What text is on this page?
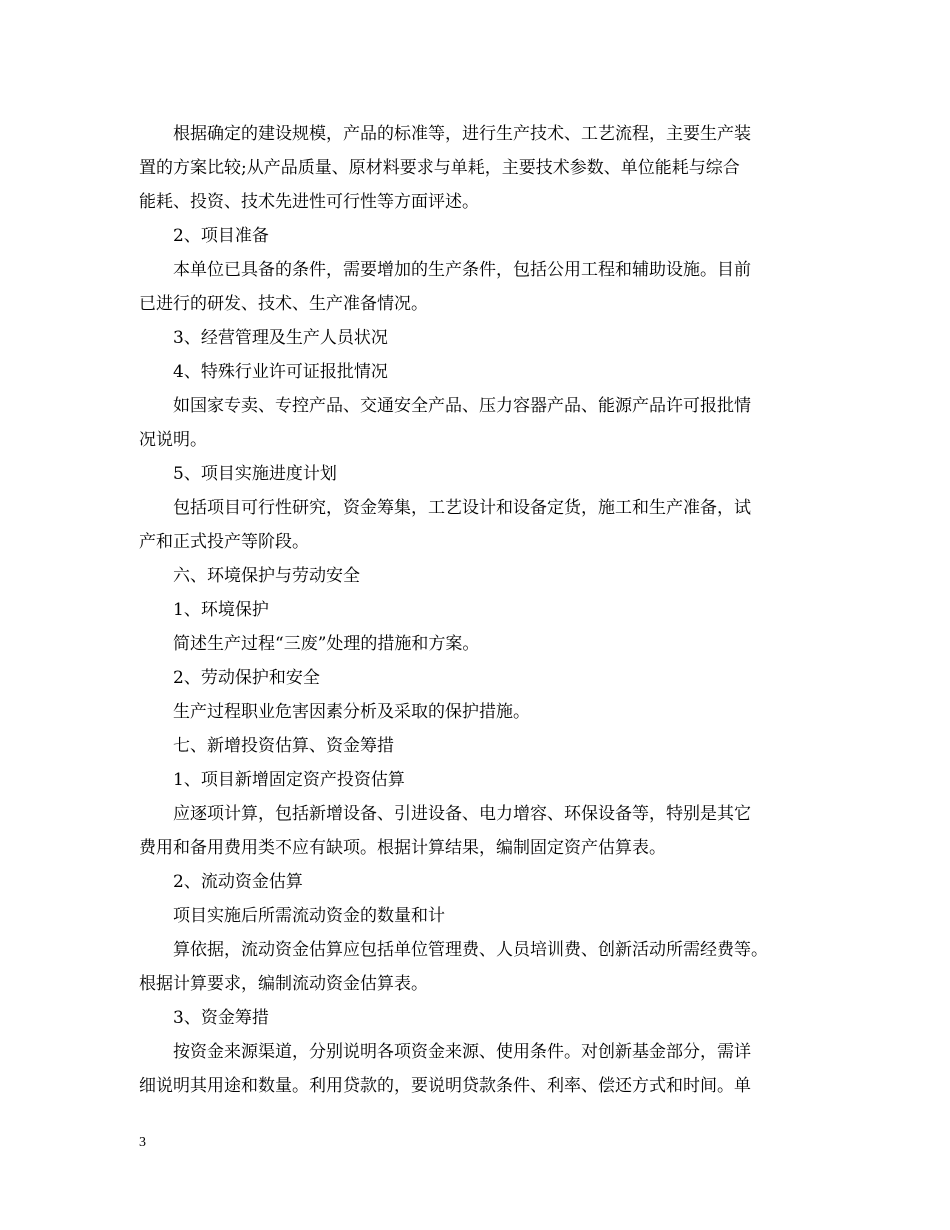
根据确定的建设规模，产品的标准等，进行生产技术、工艺流程，主要生产装
置的方案比较;从产品质量、原材料要求与单耗，主要技术参数、单位能耗与综合
能耗、投资、技术先进性可行性等方面评述。

2、项目准备

本单位已具备的条件，需要增加的生产条件，包括公用工程和辅助设施。目前
已进行的研发、技术、生产准备情况。

3、经营管理及生产人员状况

4、特殊行业许可证报批情况

如国家专卖、专控产品、交通安全产品、压力容器产品、能源产品许可报批情
况说明。

5、项目实施进度计划

包括项目可行性研究，资金筹集，工艺设计和设备定货，施工和生产准备，试
产和正式投产等阶段。

六、环境保护与劳动安全

1、环境保护

简述生产过程“三废”处理的措施和方案。

2、劳动保护和安全

生产过程职业危害因素分析及采取的保护措施。

七、新增投资估算、资金筹措

1、项目新增固定资产投资估算

应逐项计算，包括新增设备、引进设备、电力增容、环保设备等，特别是其它
费用和备用费用类不应有缺项。根据计算结果，编制固定资产估算表。

2、流动资金估算

项目实施后所需流动资金的数量和计

算依据，流动资金估算应包括单位管理费、人员培训费、创新活动所需经费等。
根据计算要求，编制流动资金估算表。

3、资金筹措

按资金来源渠道，分别说明各项资金来源、使用条件。对创新基金部分，需详
细说明其用途和数量。利用贷款的，要说明贷款条件、利率、偿还方式和时间。单

3
